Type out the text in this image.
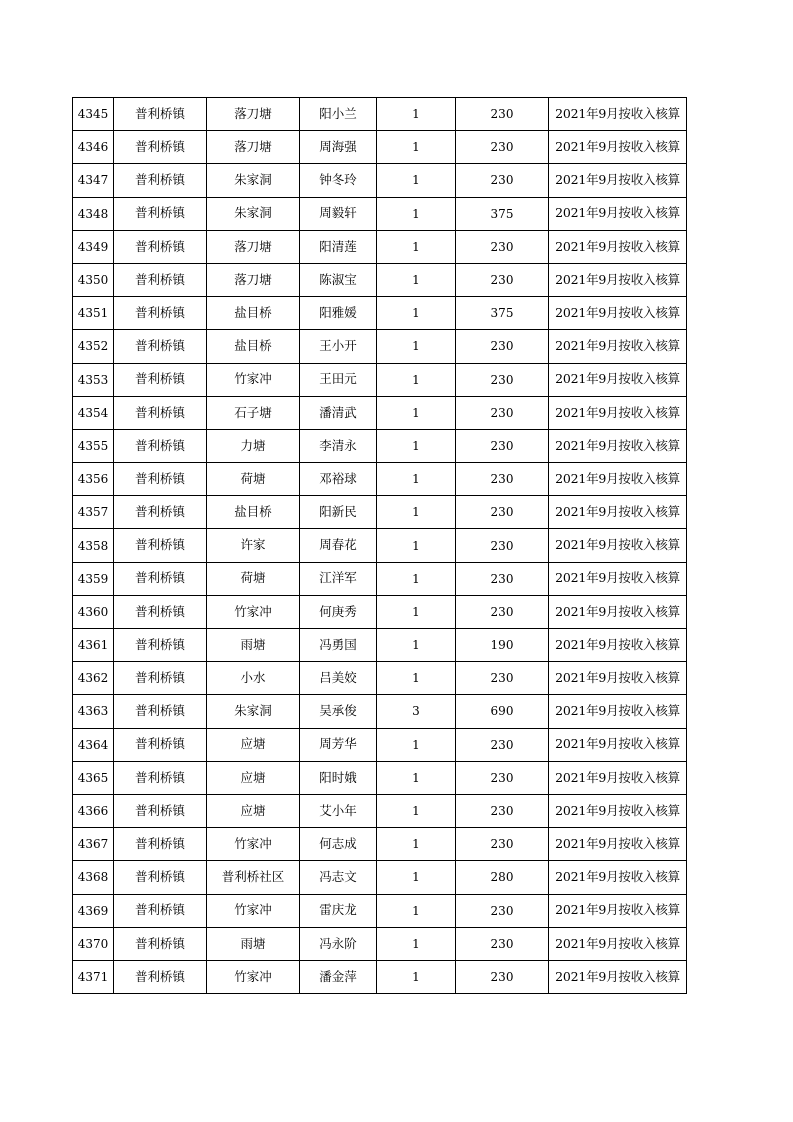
4345	普利桥镇	落刀塘	阳小兰	1	230	2021年9月按收入核算
4346	普利桥镇	落刀塘	周海强	1	230	2021年9月按收入核算
4347	普利桥镇	朱家洞	钟冬玲	1	230	2021年9月按收入核算
4348	普利桥镇	朱家洞	周毅轩	1	375	2021年9月按收入核算
4349	普利桥镇	落刀塘	阳清莲	1	230	2021年9月按收入核算
4350	普利桥镇	落刀塘	陈淑宝	1	230	2021年9月按收入核算
4351	普利桥镇	盐目桥	阳雅媛	1	375	2021年9月按收入核算
4352	普利桥镇	盐目桥	王小开	1	230	2021年9月按收入核算
4353	普利桥镇	竹家冲	王田元	1	230	2021年9月按收入核算
4354	普利桥镇	石子塘	潘清武	1	230	2021年9月按收入核算
4355	普利桥镇	力塘	李清永	1	230	2021年9月按收入核算
4356	普利桥镇	荷塘	邓裕球	1	230	2021年9月按收入核算
4357	普利桥镇	盐目桥	阳新民	1	230	2021年9月按收入核算
4358	普利桥镇	许家	周春花	1	230	2021年9月按收入核算
4359	普利桥镇	荷塘	江洋军	1	230	2021年9月按收入核算
4360	普利桥镇	竹家冲	何庚秀	1	230	2021年9月按收入核算
4361	普利桥镇	雨塘	冯勇国	1	190	2021年9月按收入核算
4362	普利桥镇	小水	吕美姣	1	230	2021年9月按收入核算
4363	普利桥镇	朱家洞	吴承俊	3	690	2021年9月按收入核算
4364	普利桥镇	应塘	周芳华	1	230	2021年9月按收入核算
4365	普利桥镇	应塘	阳时娥	1	230	2021年9月按收入核算
4366	普利桥镇	应塘	艾小年	1	230	2021年9月按收入核算
4367	普利桥镇	竹家冲	何志成	1	230	2021年9月按收入核算
4368	普利桥镇	普利桥社区	冯志文	1	280	2021年9月按收入核算
4369	普利桥镇	竹家冲	雷庆龙	1	230	2021年9月按收入核算
4370	普利桥镇	雨塘	冯永阶	1	230	2021年9月按收入核算
4371	普利桥镇	竹家冲	潘金萍	1	230	2021年9月按收入核算
